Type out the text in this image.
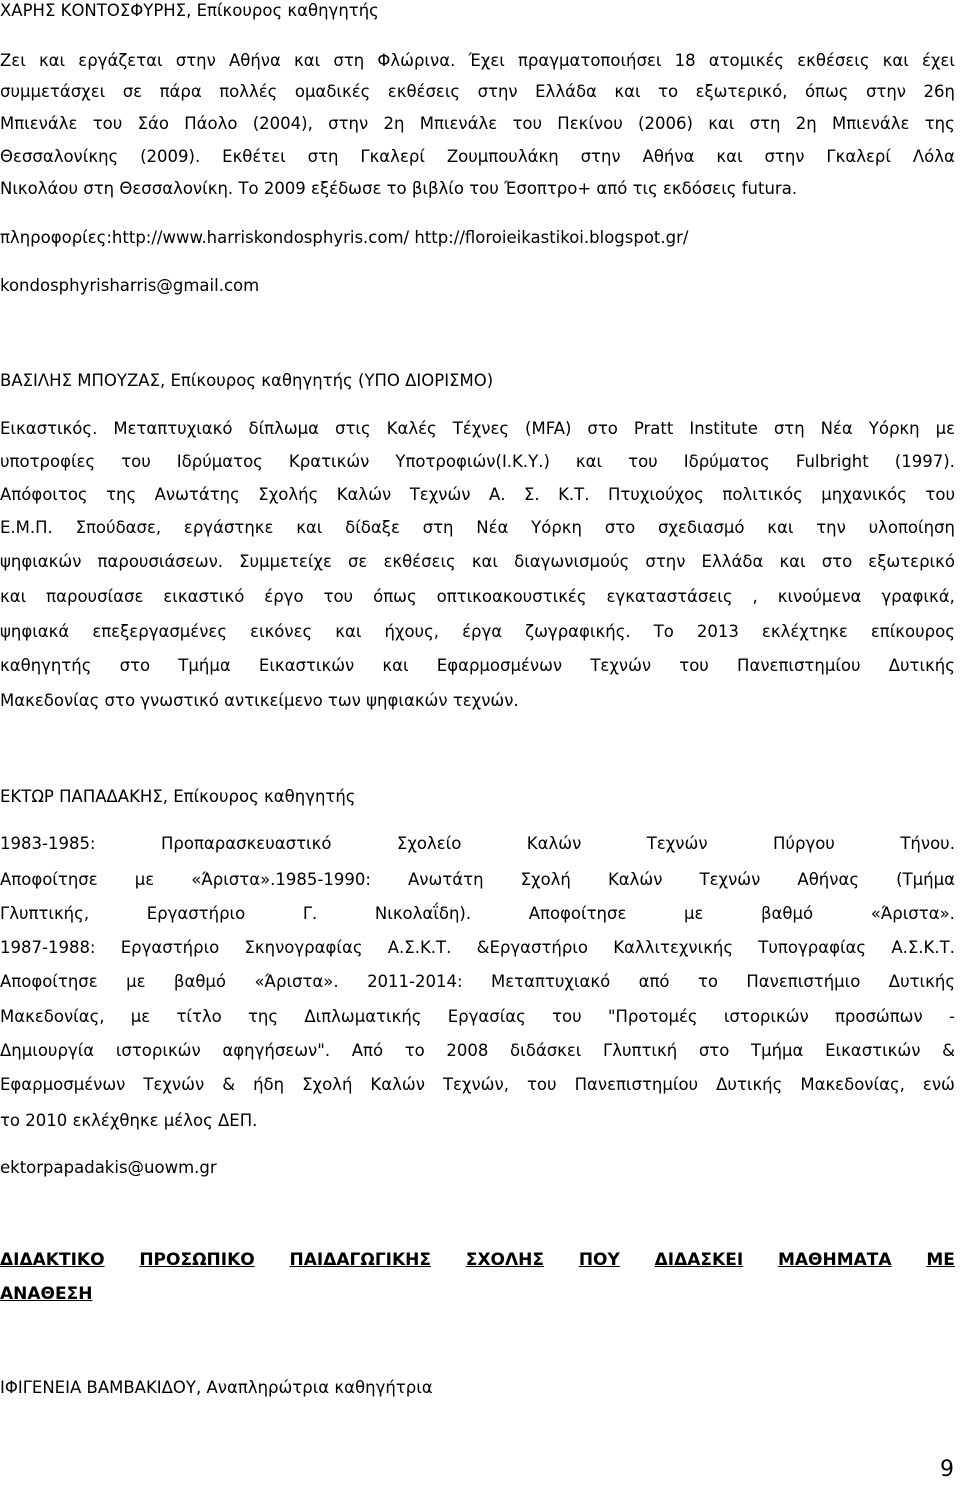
ΧΑΡΗΣ ΚΟΝΤΟΣΦΥΡΗΣ, Επίκουρος καθηγητής
Ζει και εργάζεται στην Αθήνα και στη Φλώρινα. Έχει πραγματοποιήσει 18 ατομικές εκθέσεις και έχει
συμμετάσχει σε πάρα πολλές ομαδικές εκθέσεις στην Ελλάδα και το εξωτερικό, όπως στην 26η
Μπιενάλε του Σάο Πάολο (2004), στην 2η Μπιενάλε του Πεκίνου (2006) και στη 2η Μπιενάλε της
Θεσσαλονίκης (2009). Εκθέτει στη Γκαλερί Ζουμπουλάκη στην Αθήνα και στην Γκαλερί Λόλα
Νικολάου στη Θεσσαλονίκη. Το 2009 εξέδωσε το βιβλίο του Έσοπτρο+ από τις εκδόσεις futura.
πληροφορίες:http://www.harriskondosphyris.com/ http://floroieikastikoi.blogspot.gr/
kondosphyrisharris@gmail.com
ΒΑΣΙΛΗΣ ΜΠΟΥΖΑΣ, Επίκουρος καθηγητής (ΥΠΟ ΔΙΟΡΙΣΜΟ)
Εικαστικός. Μεταπτυχιακό δίπλωμα στις Καλές Τέχνες (MFA) στο Pratt Institute στη Νέα Υόρκη με
υποτροφίες του Ιδρύματος Κρατικών Υποτροφιών(Ι.Κ.Υ.) και του Ιδρύματος Fulbright (1997).
Απόφοιτος της Ανωτάτης Σχολής Καλών Τεχνών Α. Σ. Κ.Τ. Πτυχιούχος πολιτικός μηχανικός του
Ε.Μ.Π. Σπούδασε, εργάστηκε και δίδαξε στη Νέα Υόρκη στο σχεδιασμό και την υλοποίηση
ψηφιακών παρουσιάσεων. Συμμετείχε σε εκθέσεις και διαγωνισμούς στην Ελλάδα και στο εξωτερικό
και παρουσίασε εικαστικό έργο του όπως οπτικοακουστικές εγκαταστάσεις , κινούμενα γραφικά,
ψηφιακά επεξεργασμένες εικόνες και ήχους, έργα ζωγραφικής. Το 2013 εκλέχτηκε επίκουρος
καθηγητής στο Τμήμα Εικαστικών και Εφαρμοσμένων Τεχνών του Πανεπιστημίου Δυτικής
Μακεδονίας στο γνωστικό αντικείμενο των ψηφιακών τεχνών.
ΕΚΤΩΡ ΠΑΠΑΔΑΚΗΣ, Επίκουρος καθηγητής
1983-1985:	Προπαρασκευαστικό	Σχολείο	Καλών	Τεχνών	Πύργου	Τήνου.
Αποφοίτησε με «Άριστα».1985-1990: Ανωτάτη Σχολή Καλών Τεχνών Αθήνας (Τμήμα
Γλυπτικής,	Εργαστήριο	Γ.	Νικολαΐδη).	Αποφοίτησε	με	βαθμό	«Άριστα».
1987-1988: Εργαστήριο Σκηνογραφίας Α.Σ.Κ.Τ. &Εργαστήριο Καλλιτεχνικής Τυπογραφίας Α.Σ.Κ.Τ.
Αποφοίτησε με βαθμό «Άριστα». 2011-2014: Μεταπτυχιακό από το Πανεπιστήμιο Δυτικής
Μακεδονίας, με τίτλο της Διπλωματικής Εργασίας του "Προτομές ιστορικών προσώπων -
Δημιουργία ιστορικών αφηγήσεων". Από το 2008 διδάσκει Γλυπτική στο Τμήμα Εικαστικών &
Εφαρμοσμένων Τεχνών & ήδη Σχολή Καλών Τεχνών, του Πανεπιστημίου Δυτικής Μακεδονίας, ενώ
το 2010 εκλέχθηκε μέλος ΔΕΠ.
ektorpapadakis@uowm.gr
ΔΙΔΑΚΤΙΚΟ ΠΡΟΣΩΠΙΚΟ ΠΑΙΔΑΓΩΓΙΚΗΣ ΣΧΟΛΗΣ ΠΟΥ ΔΙΔΑΣΚΕΙ ΜΑΘΗΜΑΤΑ ΜΕ
ΑΝΑΘΕΣΗ
ΙΦΙΓΕΝΕΙΑ ΒΑΜΒΑΚΙΔΟΥ, Αναπληρώτρια καθηγήτρια
9
